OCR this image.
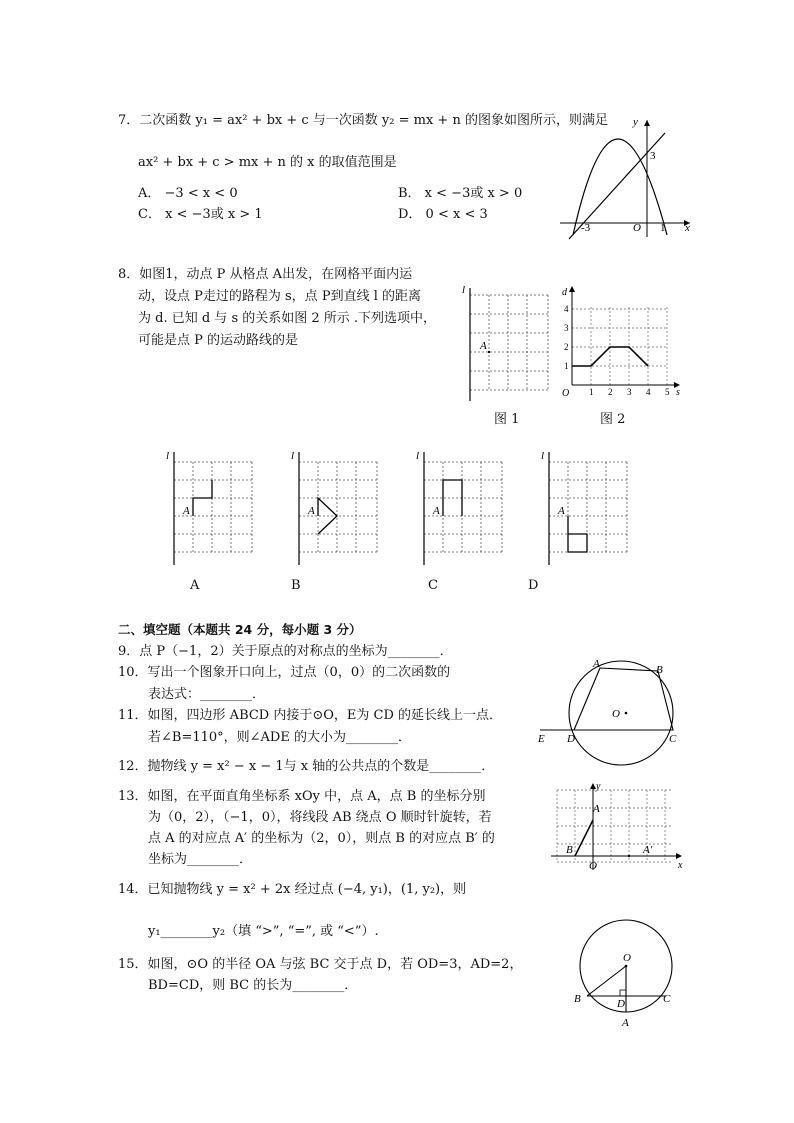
7．二次函数 y₁ = ax² + bx + c 与一次函数 y₂ = mx + n 的图象如图所示，则满足
ax² + bx + c > mx + n 的 x 的取值范围是
A． −3 < x < 0	B． x < −3或 x > 0
C． x < −3或 x > 1	D． 0 < x < 3
y
x
O
-3	1
3
8．如图1，动点 P 从格点 A出发，在网格平面内运
动，设点 P走过的路程为 s，点 P到直线 l 的距离
为 d. 已知 d 与 s 的关系如图 2 所示 .下列选项中，
可能是点 P 的运动路线的是
l
A
图 1
1 2 3 4 5
1
2
3
4
d
s
O
图 2
l
A
A
l
A
B
l
A
C
l
A
D
二、填空题（本题共 24 分，每小题 3 分）
9．点 P（−1，2）关于原点的对称点的坐标为________．
10．写出一个图象开口向上，过点（0，0）的二次函数的
表达式：________．
11．如图，四边形 ABCD 内接于⊙O，E为 CD 的延长线上一点．
若∠B=110°，则∠ADE 的大小为________．
A	B
C
D
E
O
12．抛物线 y = x² − x − 1与 x 轴的公共点的个数是________．
13．如图，在平面直角坐标系 xOy 中，点 A，点 B 的坐标分别
为（0，2），（−1，0），将线段 AB 绕点 O 顺时针旋转，若
点 A 的对应点 A′ 的坐标为（2，0），则点 B 的对应点 B′ 的
坐标为________．
y
x
A
B
O
A′
14．已知抛物线 y = x² + 2x 经过点 (−4, y₁)，(1, y₂)，则
y₁________y₂（填 “>”, “=”, 或 “<”）.
15．如图，⊙O 的半径 OA 与弦 BC 交于点 D，若 OD=3，AD=2，
BD=CD，则 BC 的长为________．
O
B	C
D
A
